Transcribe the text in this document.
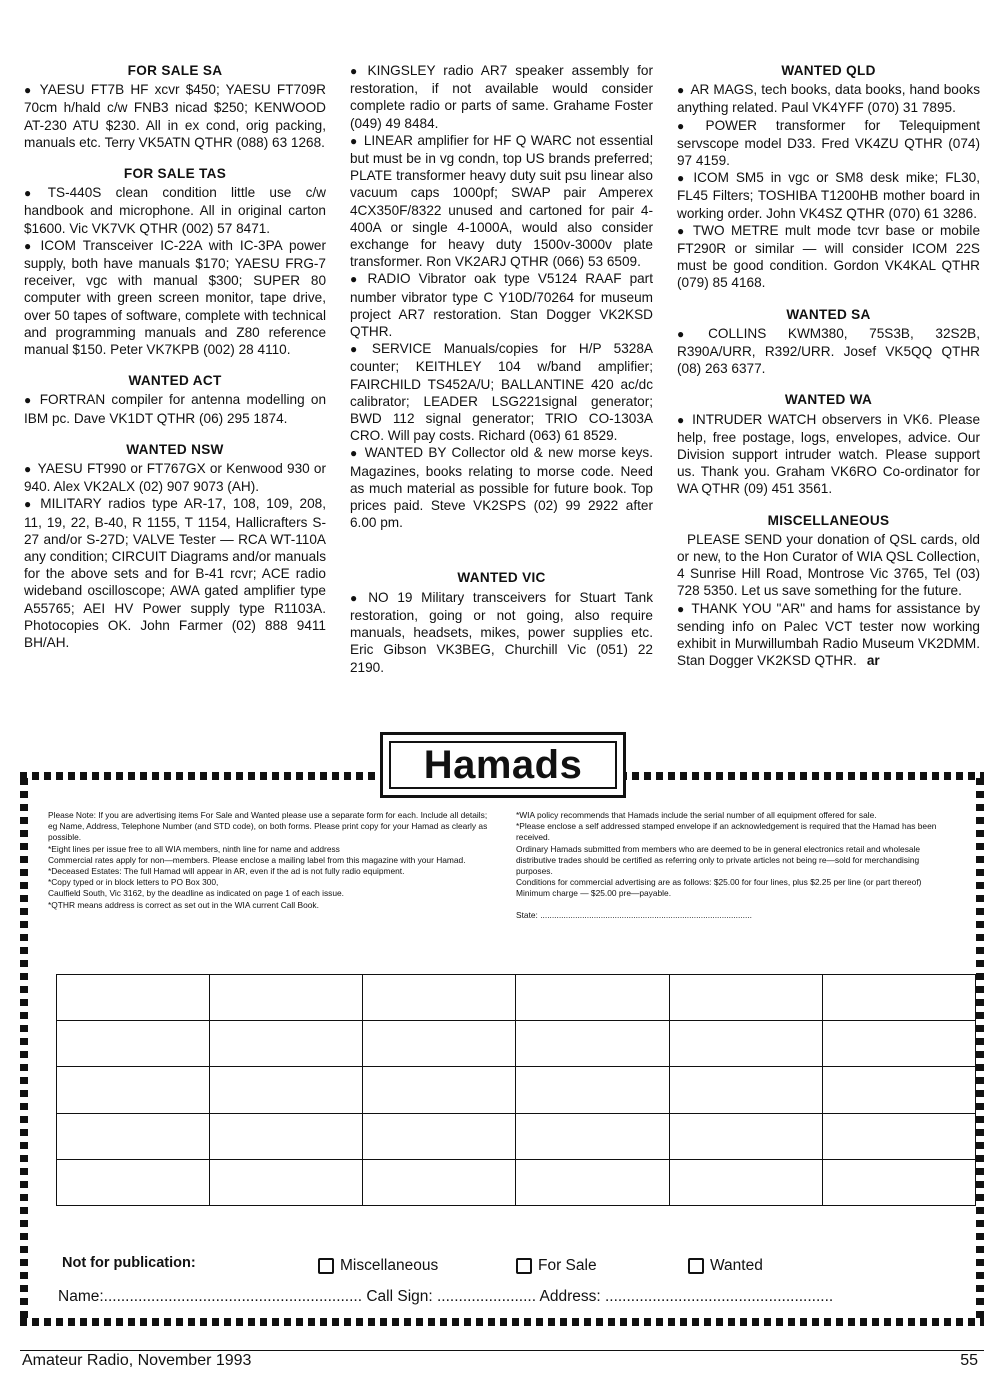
FOR SALE SA

● YAESU FT7B HF xcvr $450; YAESU FT709R 70cm h/hald c/w FNB3 nicad $250; KENWOOD AT-230 ATU $230. All in ex cond, orig packing, manuals etc. Terry VK5ATN QTHR (088) 63 1268.

FOR SALE TAS

● TS-440S clean condition little use c/w handbook and microphone. All in original carton $1600. Vic VK7VK QTHR (002) 57 8471.

● ICOM Transceiver IC-22A with IC-3PA power supply, both have manuals $170; YAESU FRG-7 receiver, vgc with manual $300; SUPER 80 computer with green screen monitor, tape drive, over 50 tapes of software, complete with technical and programming manuals and Z80 reference manual $150. Peter VK7KPB (002) 28 4110.

WANTED ACT

● FORTRAN compiler for antenna modelling on IBM pc. Dave VK1DT QTHR (06) 295 1874.

WANTED NSW

● YAESU FT990 or FT767GX or Kenwood 930 or 940. Alex VK2ALX (02) 907 9073 (AH).

● MILITARY radios type AR-17, 108, 109, 208, 11, 19, 22, B-40, R 1155, T 1154, Hallicrafters S-27 and/or S-27D; VALVE Tester — RCA WT-110A any condition; CIRCUIT Diagrams and/or manuals for the above sets and for B-41 rcvr; ACE radio wideband oscilloscope; AWA gated amplifier type A55765; AEI HV Power supply type R1103A. Photocopies OK. John Farmer (02) 888 9411 BH/AH.

● KINGSLEY radio AR7 speaker assembly for restoration, if not available would consider complete radio or parts of same. Grahame Foster (049) 49 8484.

● LINEAR amplifier for HF Q WARC not essential but must be in vg condn, top US brands preferred; PLATE transformer heavy duty suit psu linear also vacuum caps 1000pf; SWAP pair Amperex 4CX350F/8322 unused and cartoned for pair 4-400A or single 4-1000A, would also consider exchange for heavy duty 1500v-3000v plate transformer. Ron VK2ARJ QTHR (066) 53 6509.

● RADIO Vibrator oak type V5124 RAAF part number vibrator type C Y10D/70264 for museum project AR7 restoration. Stan Dogger VK2KSD QTHR.

● SERVICE Manuals/copies for H/P 5328A counter; KEITHLEY 104 w/band amplifier; FAIRCHILD TS452A/U; BALLANTINE 420 ac/dc calibrator; LEADER LSG221signal generator; BWD 112 signal generator; TRIO CO-1303A CRO. Will pay costs. Richard (063) 61 8529.

● WANTED BY Collector old & new morse keys. Magazines, books relating to morse code. Need as much material as possible for future book. Top prices paid. Steve VK2SPS (02) 99 2922 after 6.00 pm.

WANTED VIC

● NO 19 Military transceivers for Stuart Tank restoration, going or not going, also require manuals, headsets, mikes, power supplies etc. Eric Gibson VK3BEG, Churchill Vic (051) 22 2190.

WANTED QLD

● AR MAGS, tech books, data books, hand books anything related. Paul VK4YFF (070) 31 7895.

● POWER transformer for Telequipment servscope model D33. Fred VK4ZU QTHR (074) 97 4159.

● ICOM SM5 in vgc or SM8 desk mike; FL30, FL45 Filters; TOSHIBA T1200HB mother board in working order. John VK4SZ QTHR (070) 61 3286.

● TWO METRE mult mode tcvr base or mobile FT290R or similar — will consider ICOM 22S must be good condition. Gordon VK4KAL QTHR (079) 85 4168.

WANTED SA

● COLLINS KWM380, 75S3B, 32S2B, R390A/URR, R392/URR. Josef VK5QQ QTHR (08) 263 6377.

WANTED WA

● INTRUDER WATCH observers in VK6. Please help, free postage, logs, envelopes, advice. Our Division support intruder watch. Please support us. Thank you. Graham VK6RO Co-ordinator for WA QTHR (09) 451 3561.

MISCELLANEOUS

PLEASE SEND your donation of QSL cards, old or new, to the Hon Curator of WIA QSL Collection, 4 Sunrise Hill Road, Montrose Vic 3765, Tel (03) 728 5350. Let us save something for the future.

● THANK YOU "AR" and hams for assistance by sending info on Palec VCT tester now working exhibit in Murwillumbah Radio Museum VK2DMM. Stan Dogger VK2KSD QTHR. ar

Hamads

Please Note: If you are advertising items For Sale and Wanted please use a separate form for each. Include all details; eg Name, Address, Telephone Number (and STD code), on both forms. Please print copy for your Hamad as clearly as possible.

*Eight lines per issue free to all WIA members, ninth line for name and address

Commercial rates apply for non—members. Please enclose a mailing label from this magazine with your Hamad.

*Deceased Estates: The full Hamad will appear in AR, even if the ad is not fully radio equipment.

*Copy typed or in block letters to PO Box 300,

Caulfield South, Vic 3162, by the deadline as indicated on page 1 of each issue.

*QTHR means address is correct as set out in the WIA current Call Book.

*WIA policy recommends that Hamads include the serial number of all equipment offered for sale.

*Please enclose a self addressed stamped envelope if an acknowledgement is required that the Hamad has been received.

Ordinary Hamads submitted from members who are deemed to be in general electronics retail and wholesale distributive trades should be certified as referring only to private articles not being re—sold for merchandising purposes.

Conditions for commercial advertising are as follows: $25.00 for four lines, plus $2.25 per line (or part thereof) Minimum charge — $25.00 pre—payable.

State: ...........................................................................................

Not for publication:	Miscellaneous	For Sale	Wanted
Name:............................................................ Call Sign: ....................... Address: .....................................................
Amateur Radio, November 1993	55
